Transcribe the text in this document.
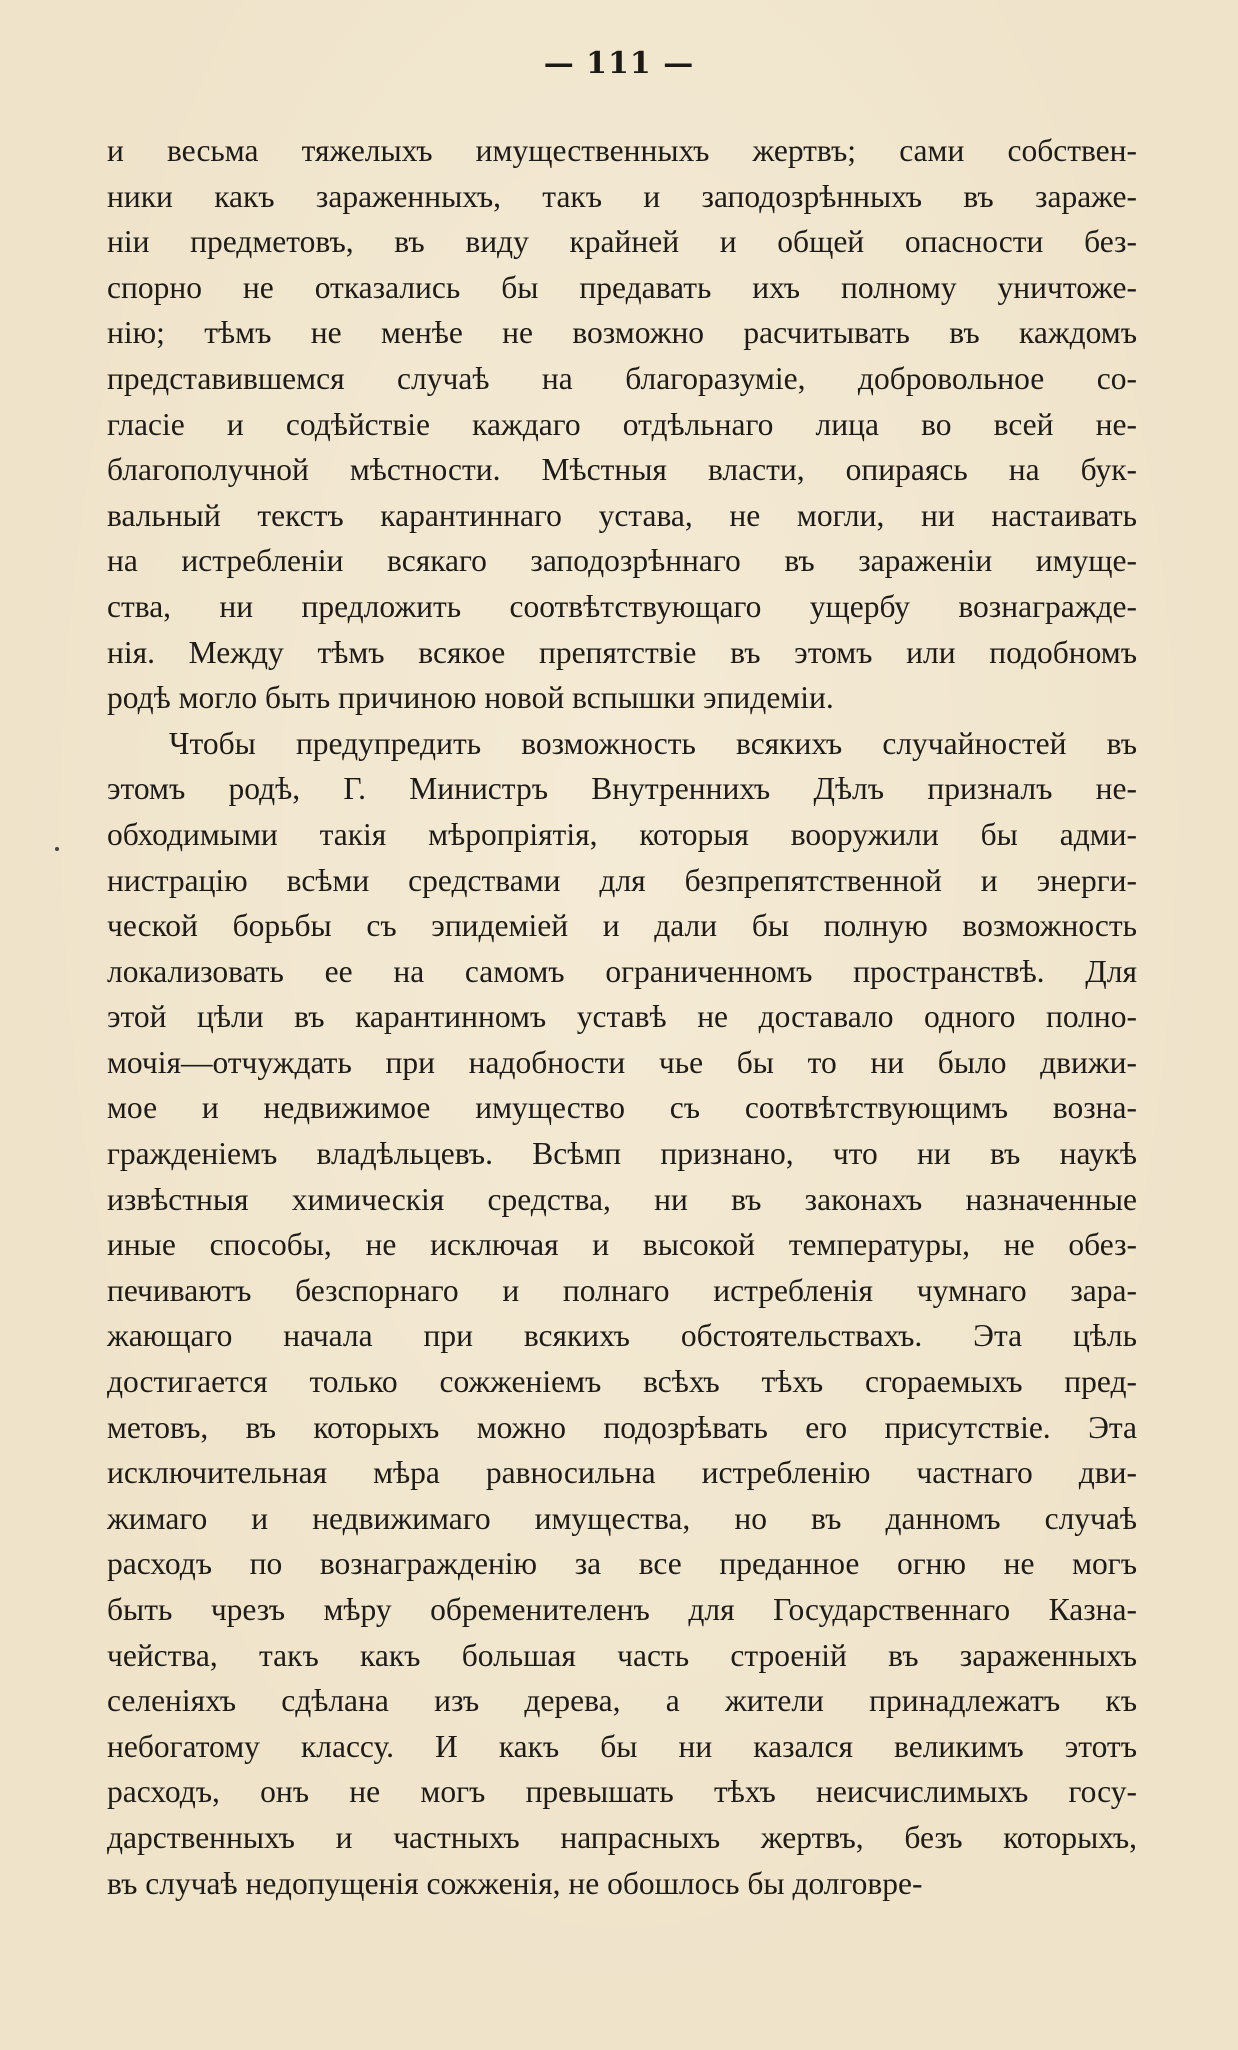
— 111 —
и весьма тяжелыхъ имущественныхъ жертвъ; сами собствен-
ники какъ зараженныхъ, такъ и заподозрѣнныхъ въ зараже-
нiи предметовъ, въ виду крайней и общей опасности без-
спорно не отказались бы предавать ихъ полному уничтоже-
нiю; тѣмъ не менѣе не возможно расчитывать въ каждомъ
представившемся случаѣ на благоразумiе, добровольное со-
гласie и содѣйствie каждаго отдѣльнаго лица во всей не-
благополучной мѣстности. Мѣстныя власти, опираясь на бук-
вальный текстъ карантиннаго устава, не могли, ни настаивать
на истребленiи всякаго заподозрѣннаго въ зараженiи имуще-
ства, ни предложить соотвѣтствующаго ущербу вознагражде-
нiя. Между тѣмъ всякое препятствie въ этомъ или подобномъ
родѣ могло быть причиною новой вспышки эпидемiи.
Чтобы предупредить возможность всякихъ случайностей въ
этомъ родѣ, Г. Министръ Внутреннихъ Дѣлъ призналъ не-
обходимыми такiя мѣропрiятiя, которыя вооружили бы адми-
нистрацiю всѣми средствами для безпрепятственной и энерги-
ческой борьбы съ эпидемiей и дали бы полную возможность
локализовать ее на самомъ ограниченномъ пространствѣ. Для
этой цѣли въ карантинномъ уставѣ не доставало одного полно-
мочiя—отчуждать при надобности чье бы то ни было движи-
мое и недвижимое имущество съ соотвѣтствующимъ возна-
гражденiемъ владѣльцевъ. Всѣмп признано, что ни въ наукѣ
извѣстныя химическiя средства, ни въ законахъ назначенные
иные способы, не исключая и высокой температуры, не обез-
печиваютъ безспорнаго и полнаго истребленiя чумнаго зара-
жающаго начала при всякихъ обстоятельствахъ. Эта цѣль
достигается только сожженiемъ всѣхъ тѣхъ сгораемыхъ пред-
метовъ, въ которыхъ можно подозрѣвать его присутствie. Эта
исключительная мѣра равносильна истребленiю частнаго дви-
жимаго и недвижимаго имущества, но въ данномъ случаѣ
расходъ по вознагражденiю за все преданное огню не могъ
быть чрезъ мѣру обременителенъ для Государственнаго Казна-
чейства, такъ какъ большая часть строенiй въ зараженныхъ
селенiяхъ сдѣлана изъ дерева, а жители принадлежатъ къ
небогатому классу. И какъ бы ни казался великимъ этотъ
расходъ, онъ не могъ превышать тѣхъ неисчислимыхъ госу-
дарственныхъ и частныхъ напрасныхъ жертвъ, безъ которыхъ,
въ случаѣ недопущенiя сожженiя, не обошлось бы долговре-
